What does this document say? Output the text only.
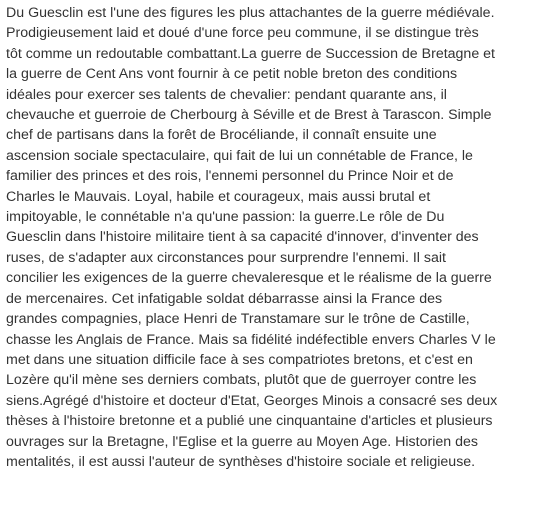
Du Guesclin est l'une des figures les plus attachantes de la guerre médiévale.
Prodigieusement laid et doué d'une force peu commune, il se distingue très
tôt comme un redoutable combattant.La guerre de Succession de Bretagne et
la guerre de Cent Ans vont fournir à ce petit noble breton des conditions
idéales pour exercer ses talents de chevalier: pendant quarante ans, il
chevauche et guerroie de Cherbourg à Séville et de Brest à Tarascon. Simple
chef de partisans dans la forêt de Brocéliande, il connaît ensuite une
ascension sociale spectaculaire, qui fait de lui un connétable de France, le
familier des princes et des rois, l'ennemi personnel du Prince Noir et de
Charles le Mauvais. Loyal, habile et courageux, mais aussi brutal et
impitoyable, le connétable n'a qu'une passion: la guerre.Le rôle de Du
Guesclin dans l'histoire militaire tient à sa capacité d'innover, d'inventer des
ruses, de s'adapter aux circonstances pour surprendre l'ennemi. Il sait
concilier les exigences de la guerre chevaleresque et le réalisme de la guerre
de mercenaires. Cet infatigable soldat débarrasse ainsi la France des
grandes compagnies, place Henri de Transtamare sur le trône de Castille,
chasse les Anglais de France. Mais sa fidélité indéfectible envers Charles V le
met dans une situation difficile face à ses compatriotes bretons, et c'est en
Lozère qu'il mène ses derniers combats, plutôt que de guerroyer contre les
siens.Agrégé d'histoire et docteur d'Etat, Georges Minois a consacré ses deux
thèses à l'histoire bretonne et a publié une cinquantaine d'articles et plusieurs
ouvrages sur la Bretagne, l'Eglise et la guerre au Moyen Age. Historien des
mentalités, il est aussi l'auteur de synthèses d'histoire sociale et religieuse.
